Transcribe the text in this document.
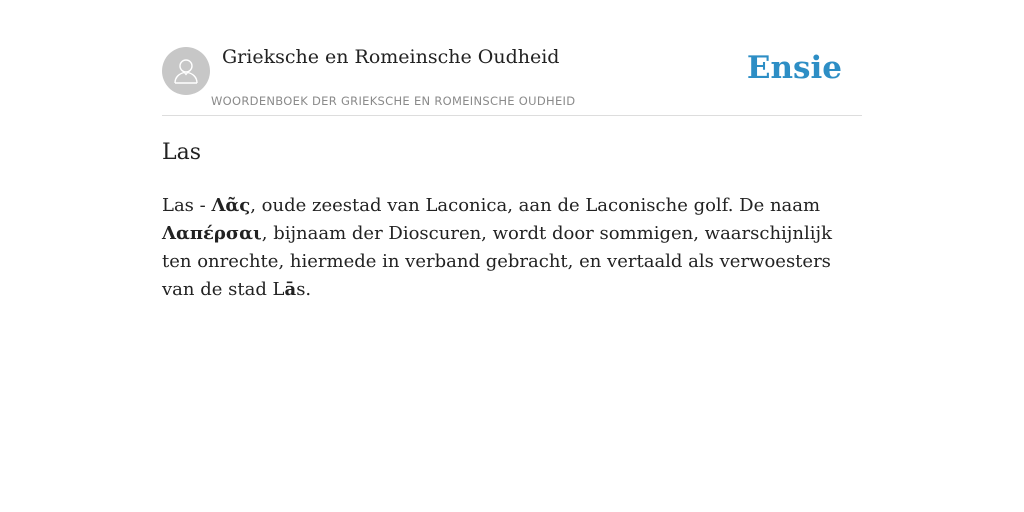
Grieksche en Romeinsche Oudheid
WOORDENBOEK DER GRIEKSCHE EN ROMEINSCHE OUDHEID
Ensie
Las
Las - Λᾶς, oude zeestad van Laconica, aan de Laconische golf. De naam Λαπέρσαι, bijnaam der Dioscuren, wordt door sommigen, waarschijnlijk ten onrechte, hiermede in verband gebracht, en vertaald als verwoesters van de stad Lās.
